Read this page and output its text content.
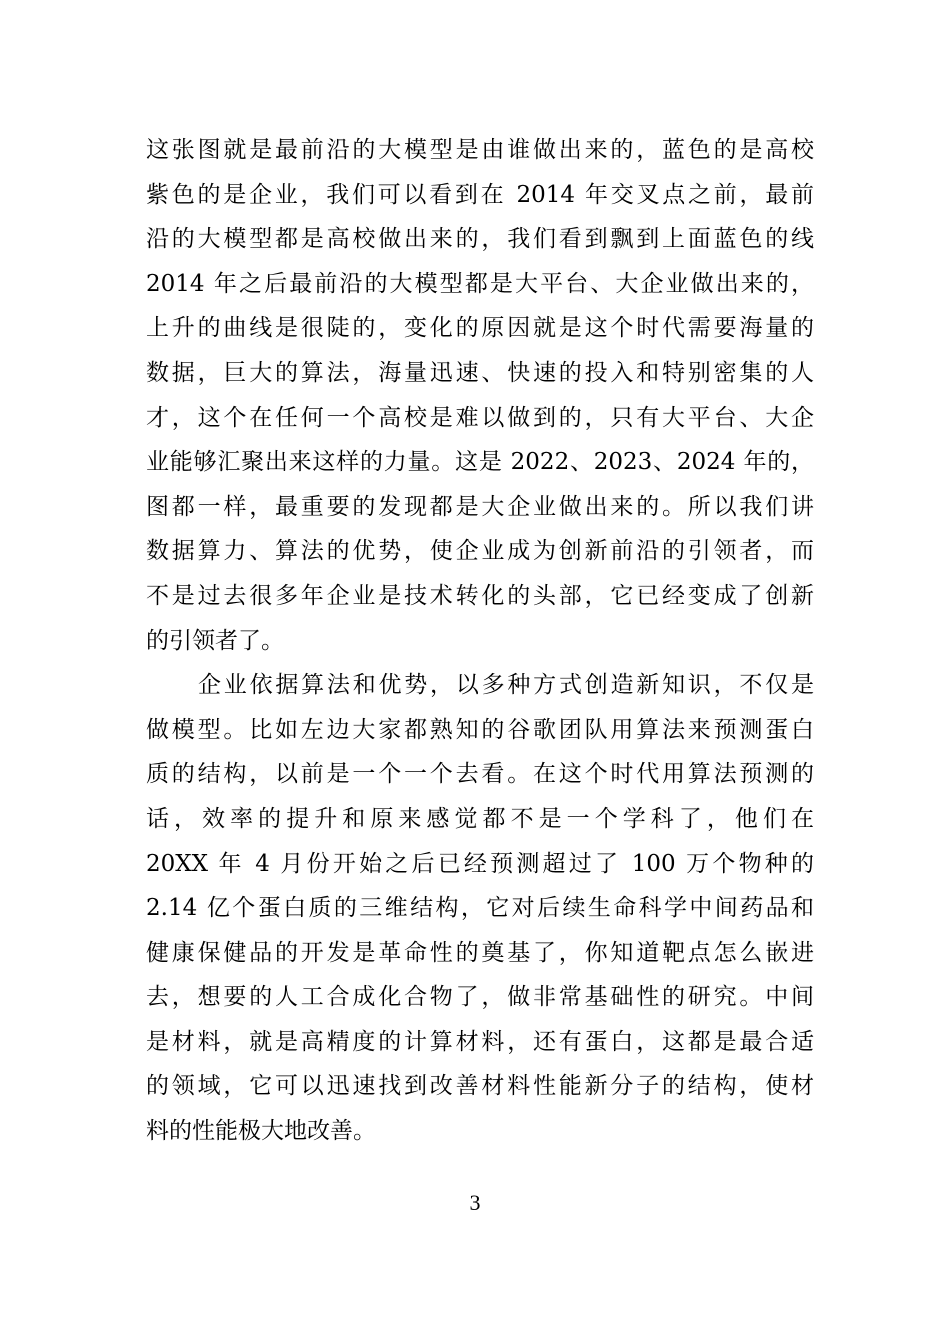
这张图就是最前沿的大模型是由谁做出来的，蓝色的是高校
紫色的是企业，我们可以看到在 2014 年交叉点之前，最前
沿的大模型都是高校做出来的，我们看到飘到上面蓝色的线
2014 年之后最前沿的大模型都是大平台、大企业做出来的，
上升的曲线是很陡的，变化的原因就是这个时代需要海量的
数据，巨大的算法，海量迅速、快速的投入和特别密集的人
才，这个在任何一个高校是难以做到的，只有大平台、大企
业能够汇聚出来这样的力量。这是 2022、2023、2024 年的，
图都一样，最重要的发现都是大企业做出来的。所以我们讲
数据算力、算法的优势，使企业成为创新前沿的引领者，而
不是过去很多年企业是技术转化的头部，它已经变成了创新
的引领者了。
企业依据算法和优势，以多种方式创造新知识，不仅是
做模型。比如左边大家都熟知的谷歌团队用算法来预测蛋白
质的结构，以前是一个一个去看。在这个时代用算法预测的
话，效率的提升和原来感觉都不是一个学科了，他们在
20XX 年 4 月份开始之后已经预测超过了 100 万个物种的
2.14 亿个蛋白质的三维结构，它对后续生命科学中间药品和
健康保健品的开发是革命性的奠基了，你知道靶点怎么嵌进
去，想要的人工合成化合物了，做非常基础性的研究。中间
是材料，就是高精度的计算材料，还有蛋白，这都是最合适
的领域，它可以迅速找到改善材料性能新分子的结构，使材
料的性能极大地改善。
3
